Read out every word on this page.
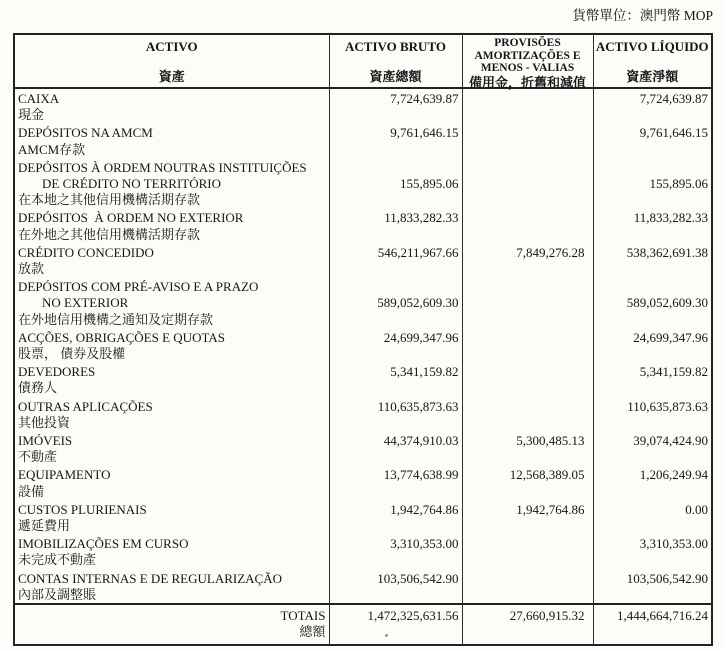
貨幣單位：澳門幣 MOP
ACTIVO
資產

ACTIVO BRUTO
資產總額

PROVISÕES
AMORTIZAÇÕES E
MENOS - VALIAS
備用金，折舊和減值

ACTIVO LÍQUIDO
資產淨額

CAIXA
現金	7,724,639.87		7,724,639.87

DEPÓSITOS NA AMCM
AMCM存款	9,761,646.15		9,761,646.15

DEPÓSITOS À ORDEM NOUTRAS INSTITUIÇÕES
DE CRÉDITO NO TERRITÓRIO
在本地之其他信用機構活期存款	155,895.06		155,895.06

DEPÓSITOS  À ORDEM NO EXTERIOR
在外地之其他信用機構活期存款	11,833,282.33		11,833,282.33

CRÉDITO CONCEDIDO
放款	546,211,967.66	7,849,276.28	538,362,691.38

DEPÓSITOS COM PRÉ-AVISO E A PRAZO
NO EXTERIOR
在外地信用機構之通知及定期存款	589,052,609.30		589,052,609.30

ACÇÕES, OBRIGAÇÕES E QUOTAS
股票， 債券及股權	24,699,347.96		24,699,347.96

DEVEDORES
債務人	5,341,159.82		5,341,159.82

OUTRAS APLICAÇÕES
其他投資	110,635,873.63		110,635,873.63

IMÓVEIS
不動產	44,374,910.03	5,300,485.13	39,074,424.90

EQUIPAMENTO
設備	13,774,638.99	12,568,389.05	1,206,249.94

CUSTOS PLURIENAIS
遞延費用	1,942,764.86	1,942,764.86	0.00

IMOBILIZAÇÕES EM CURSO
未完成不動產	3,310,353.00		3,310,353.00

CONTAS INTERNAS E DE REGULARIZAÇÃO
內部及調整賬	103,506,542.90		103,506,542.90

TOTAIS
總額	1,472,325,631.56	27,660,915.32	1,444,664,716.24
